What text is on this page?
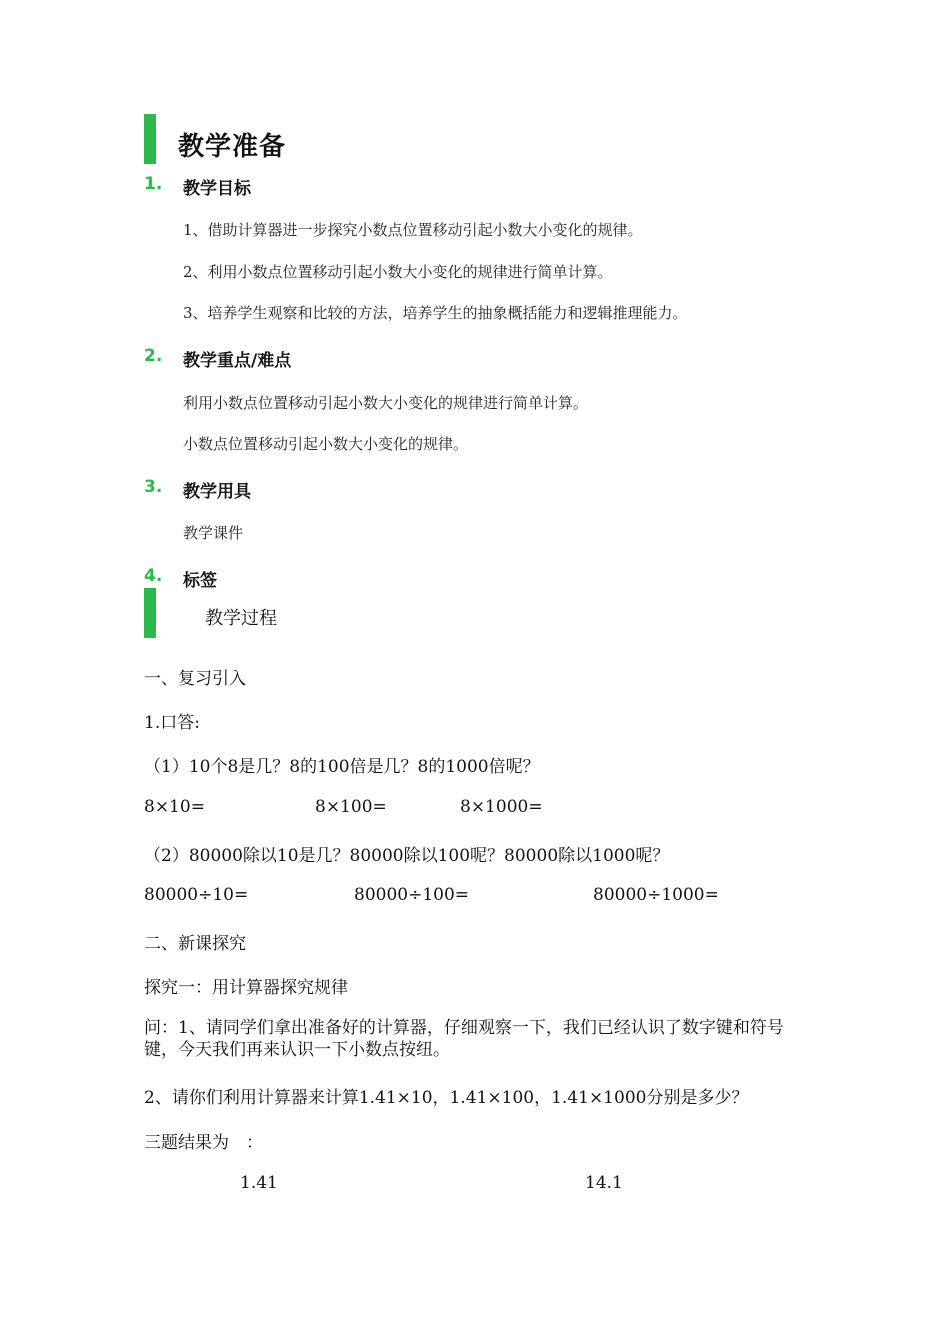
教学准备
1. 教学目标
1、借助计算器进一步探究小数点位置移动引起小数大小变化的规律。
2、利用小数点位置移动引起小数大小变化的规律进行简单计算。
3、培养学生观察和比较的方法，培养学生的抽象概括能力和逻辑推理能力。
2. 教学重点/难点
利用小数点位置移动引起小数大小变化的规律进行简单计算。
小数点位置移动引起小数大小变化的规律。
3. 教学用具
教学课件
4. 标签
教学过程
一、复习引入
1.口答:
（1）10个8是几？8的100倍是几？8的1000倍呢？
8×10=	8×100=	8×1000=
（2）80000除以10是几？80000除以100呢？80000除以1000呢？
80000÷10=	80000÷100=	80000÷1000=
二、新课探究
探究一：用计算器探究规律
问：1、请同学们拿出准备好的计算器，仔细观察一下，我们已经认识了数字键和符号键，今天我们再来认识一下小数点按纽。
2、请你们利用计算器来计算1.41×10，1.41×100，1.41×1000分别是多少？
三题结果为　：
1.41	14.1
